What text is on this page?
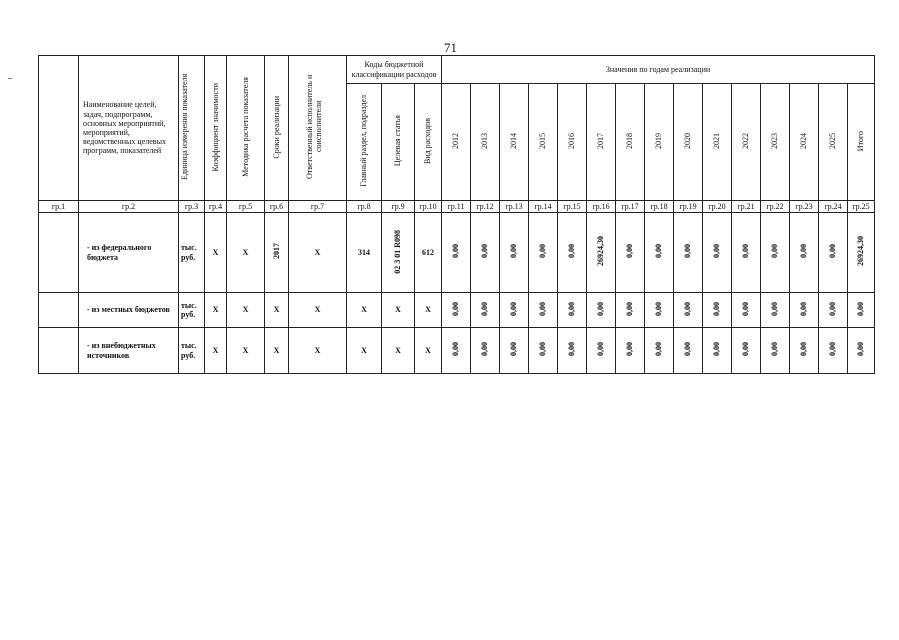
71
	Наименование целей, задач, подпрограмм, основных мероприятий, мероприятий, ведомственных целевых программ, показателей	Единица измерения показателя	Коэффициент значимости	Методика расчета показателя	Сроки реализации	Ответственный исполнитель и соисполнители	Коды бюджетной классификации расходов			Значения по годам реализации														
							Главный раздел, подраздел	Целевая статья	Вид расходов	2012	2013	2014	2015	2016	2017	2018	2019	2020	2021	2022	2023	2024	2025	Итого
гр.1	гр.2	гр.3	гр.4	гр.5	гр.6	гр.7	гр.8	гр.9	гр.10	гр.11	гр.12	гр.13	гр.14	гр.15	гр.16	гр.17	гр.18	гр.19	гр.20	гр.21	гр.22	гр.23	гр.24	гр.25
	- из федерального бюджета	тыс. руб.	Х	Х	2017	Х	314	02 3 01 R098	612	0,00	0,00	0,00	0,00	0,00	26924,30	0,00	0,00	0,00	0,00	0,00	0,00	0,00	0,00	26924,30
	- из местных бюджетов	тыс. руб.	Х	Х	Х	Х	Х	Х	Х	0,00	0,00	0,00	0,00	0,00	0,00	0,00	0,00	0,00	0,00	0,00	0,00	0,00	0,00	0,00
	- из внебюджетных источников	тыс. руб.	Х	Х	Х	Х	Х	Х	Х	0,00	0,00	0,00	0,00	0,00	0,00	0,00	0,00	0,00	0,00	0,00	0,00	0,00	0,00	0,00
